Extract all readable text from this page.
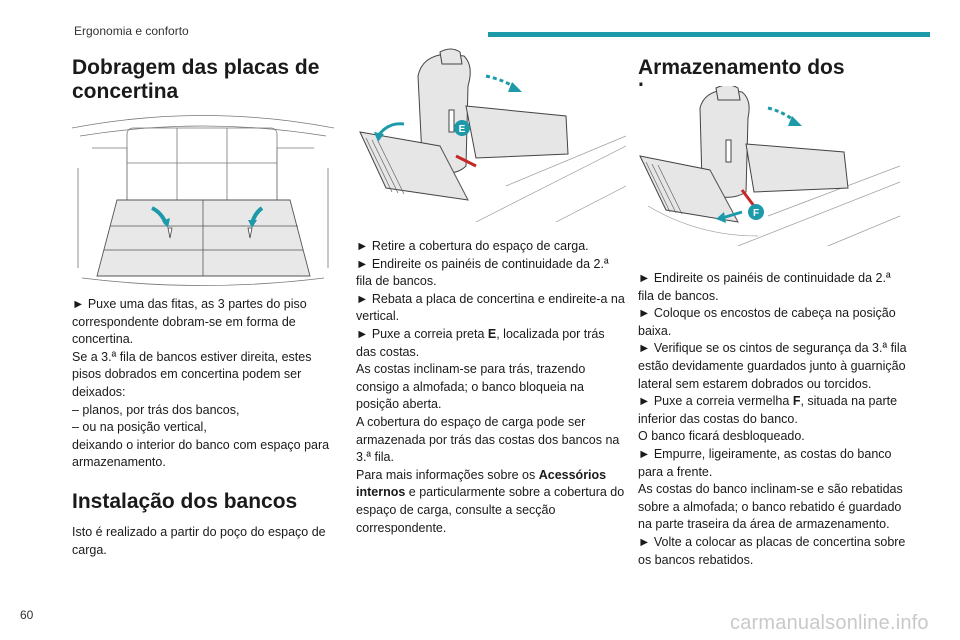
Ergonomia e conforto
Dobragem das placas de
concertina

► Puxe uma das fitas, as 3 partes do piso correspondente dobram-se em forma de concertina.

Se a 3.ª fila de bancos estiver direita, estes pisos dobrados em concertina podem ser deixados:

– planos, por trás dos bancos,

– ou na posição vertical,

deixando o interior do banco com espaço para armazenamento.

Instalação dos bancos
Isto é realizado a partir do poço do espaço de carga.
E

► Retire a cobertura do espaço de carga.

► Endireite os painéis de continuidade da 2.ª fila de bancos.

► Rebata a placa de concertina e endireite-a na vertical.

► Puxe a correia preta E, localizada por trás das costas.

As costas inclinam-se para trás, trazendo consigo a almofada; o banco bloqueia na posição aberta.

A cobertura do espaço de carga pode ser armazenada por trás das costas dos bancos na 3.ª fila.

Para mais informações sobre os Acessórios internos e particularmente sobre a cobertura do espaço de carga, consulte a secção correspondente.

Armazenamento dos
F

► Endireite os painéis de continuidade da 2.ª fila de bancos.

► Coloque os encostos de cabeça na posição baixa.

► Verifique se os cintos de segurança da 3.ª fila estão devidamente guardados junto à guarnição lateral sem estarem dobrados ou torcidos.

► Puxe a correia vermelha F, situada na parte inferior das costas do banco.

O banco ficará desbloqueado.

► Empurre, ligeiramente, as costas do banco para a frente.

As costas do banco inclinam-se e são rebatidas sobre a almofada; o banco rebatido é guardado na parte traseira da área de armazenamento.

► Volte a colocar as placas de concertina sobre os bancos rebatidos.

60	carmanualsonline.info
